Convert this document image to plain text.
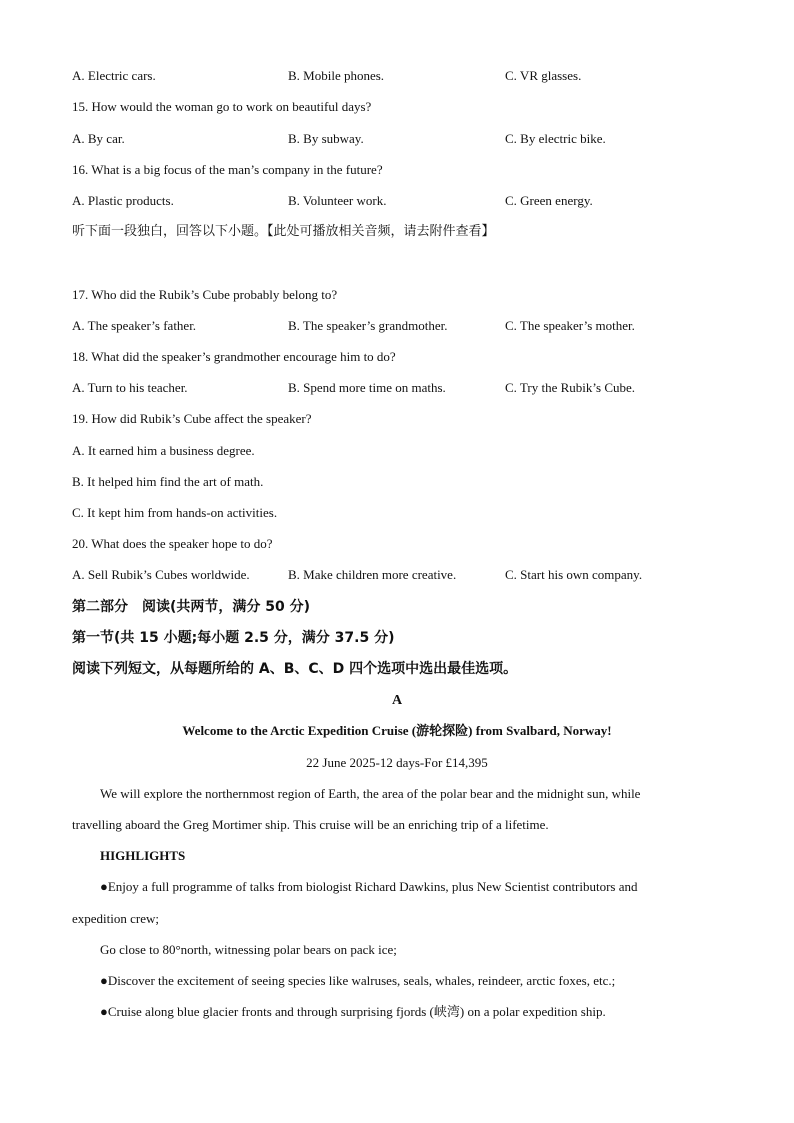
A. Electric cars.	B. Mobile phones.	C. VR glasses.
15. How would the woman go to work on beautiful days?
A. By car.	B. By subway.	C. By electric bike.
16. What is a big focus of the man’s company in the future?
A. Plastic products.	B. Volunteer work.	C. Green energy.
听下面一段独白，回答以下小题。【此处可播放相关音频，请去附件查看】
17. Who did the Rubik’s Cube probably belong to?
A. The speaker’s father.	B. The speaker’s grandmother.	C. The speaker’s mother.
18. What did the speaker’s grandmother encourage him to do?
A. Turn to his teacher.	B. Spend more time on maths.	C. Try the Rubik’s Cube.
19. How did Rubik’s Cube affect the speaker?
A. It earned him a business degree.
B. It helped him find the art of math.
C. It kept him from hands-on activities.
20. What does the speaker hope to do?
A. Sell Rubik’s Cubes worldwide.	B. Make children more creative.	C. Start his own company.
第二部分　阅读(共两节，满分 50 分)
第一节(共 15 小题;每小题 2.5 分，满分 37.5 分)
阅读下列短文，从每题所给的 A、B、C、D 四个选项中选出最佳选项。
A
Welcome to the Arctic Expedition Cruise (游轮探险) from Svalbard, Norway!
22 June 2025-12 days-For £14,395
We will explore the northernmost region of Earth, the area of the polar bear and the midnight sun, while
travelling aboard the Greg Mortimer ship. This cruise will be an enriching trip of a lifetime.
HIGHLIGHTS
●Enjoy a full programme of talks from biologist Richard Dawkins, plus New Scientist contributors and
expedition crew;
Go close to 80°north, witnessing polar bears on pack ice;
●Discover the excitement of seeing species like walruses, seals, whales, reindeer, arctic foxes, etc.;
●Cruise along blue glacier fronts and through surprising fjords (峡湾) on a polar expedition ship.
